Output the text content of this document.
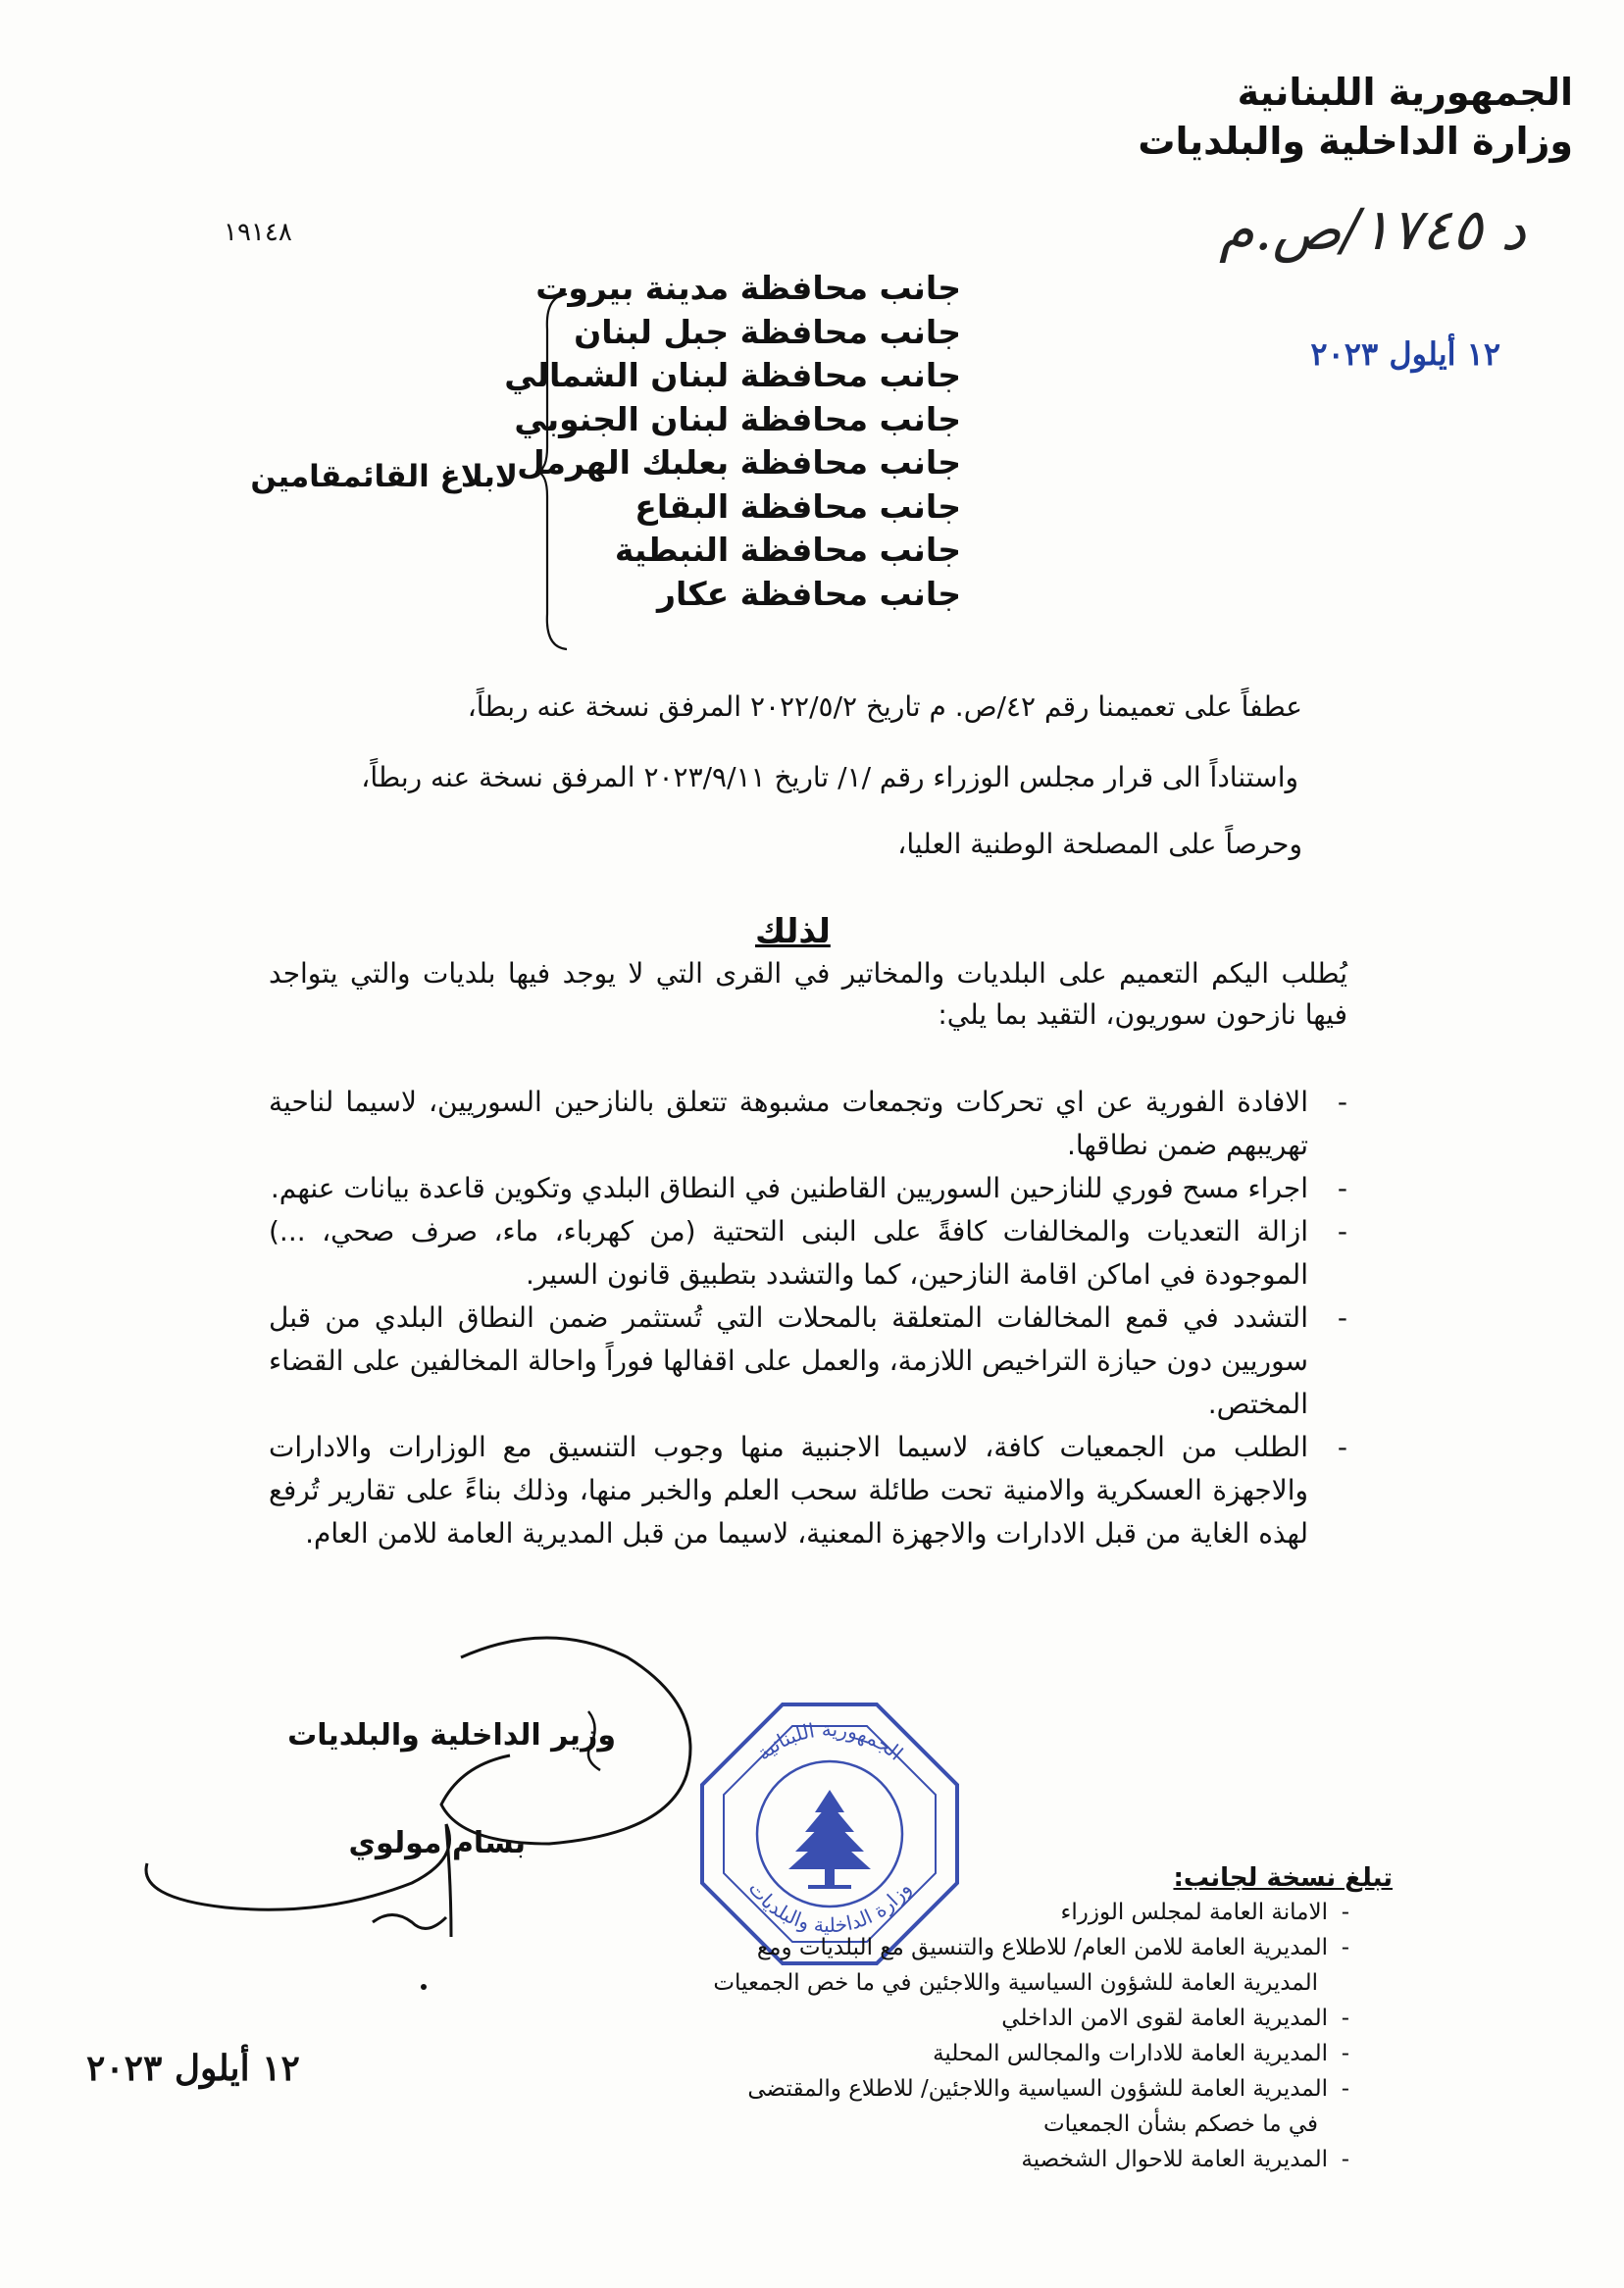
الجمهورية اللبنانية
وزارة الداخلية والبلديات
د ١٧٤٥/ص.م
١٩١٤٨
١٢ أيلول ٢٠٢٣
جانب محافظة مدينة بيروت
جانب محافظة جبل لبنان
جانب محافظة لبنان الشمالي
جانب محافظة لبنان الجنوبي
جانب محافظة بعلبك الهرمل
جانب محافظة البقاع
جانب محافظة النبطية
جانب محافظة عكار
لابلاغ القائمقامين
عطفاً على تعميمنا رقم ٤٢/ص. م تاريخ ٢٠٢٢/٥/٢ المرفق نسخة عنه ربطاً،
واستناداً الى قرار مجلس الوزراء رقم /١/ تاريخ ٢٠٢٣/٩/١١ المرفق نسخة عنه ربطاً،
وحرصاً على المصلحة الوطنية العليا،
لذلك
يُطلب اليكم التعميم على البلديات والمخاتير في القرى التي لا يوجد فيها بلديات والتي يتواجد فيها نازحون سوريون، التقيد بما يلي:
- الافادة الفورية عن اي تحركات وتجمعات مشبوهة تتعلق بالنازحين السوريين، لاسيما لناحية تهريبهم ضمن نطاقها.
- اجراء مسح فوري للنازحين السوريين القاطنين في النطاق البلدي وتكوين قاعدة بيانات عنهم.
- ازالة التعديات والمخالفات كافةً على البنى التحتية (من كهرباء، ماء، صرف صحي، ...) الموجودة في اماكن اقامة النازحين، كما والتشدد بتطبيق قانون السير.
- التشدد في قمع المخالفات المتعلقة بالمحلات التي تُستثمر ضمن النطاق البلدي من قبل سوريين دون حيازة التراخيص اللازمة، والعمل على اقفالها فوراً واحالة المخالفين على القضاء المختص.
- الطلب من الجمعيات كافة، لاسيما الاجنبية منها وجوب التنسيق مع الوزارات والادارات والاجهزة العسكرية والامنية تحت طائلة سحب العلم والخبر منها، وذلك بناءً على تقارير تُرفع لهذه الغاية من قبل الادارات والاجهزة المعنية، لاسيما من قبل المديرية العامة للامن العام.
وزير الداخلية والبلديات
بسام مولوي
١٢ أيلول ٢٠٢٣
الجمهورية اللبنانية
وزارة الداخلية والبلديات	تبلغ نسخة لجانب:
- الامانة العامة لمجلس الوزراء
- المديرية العامة للامن العام/ للاطلاع والتنسيق مع البلديات ومع
المديرية العامة للشؤون السياسية واللاجئين في ما خص الجمعيات
- المديرية العامة لقوى الامن الداخلي
- المديرية العامة للادارات والمجالس المحلية
- المديرية العامة للشؤون السياسية واللاجئين/ للاطلاع والمقتضى
في ما خصكم بشأن الجمعيات
- المديرية العامة للاحوال الشخصية
